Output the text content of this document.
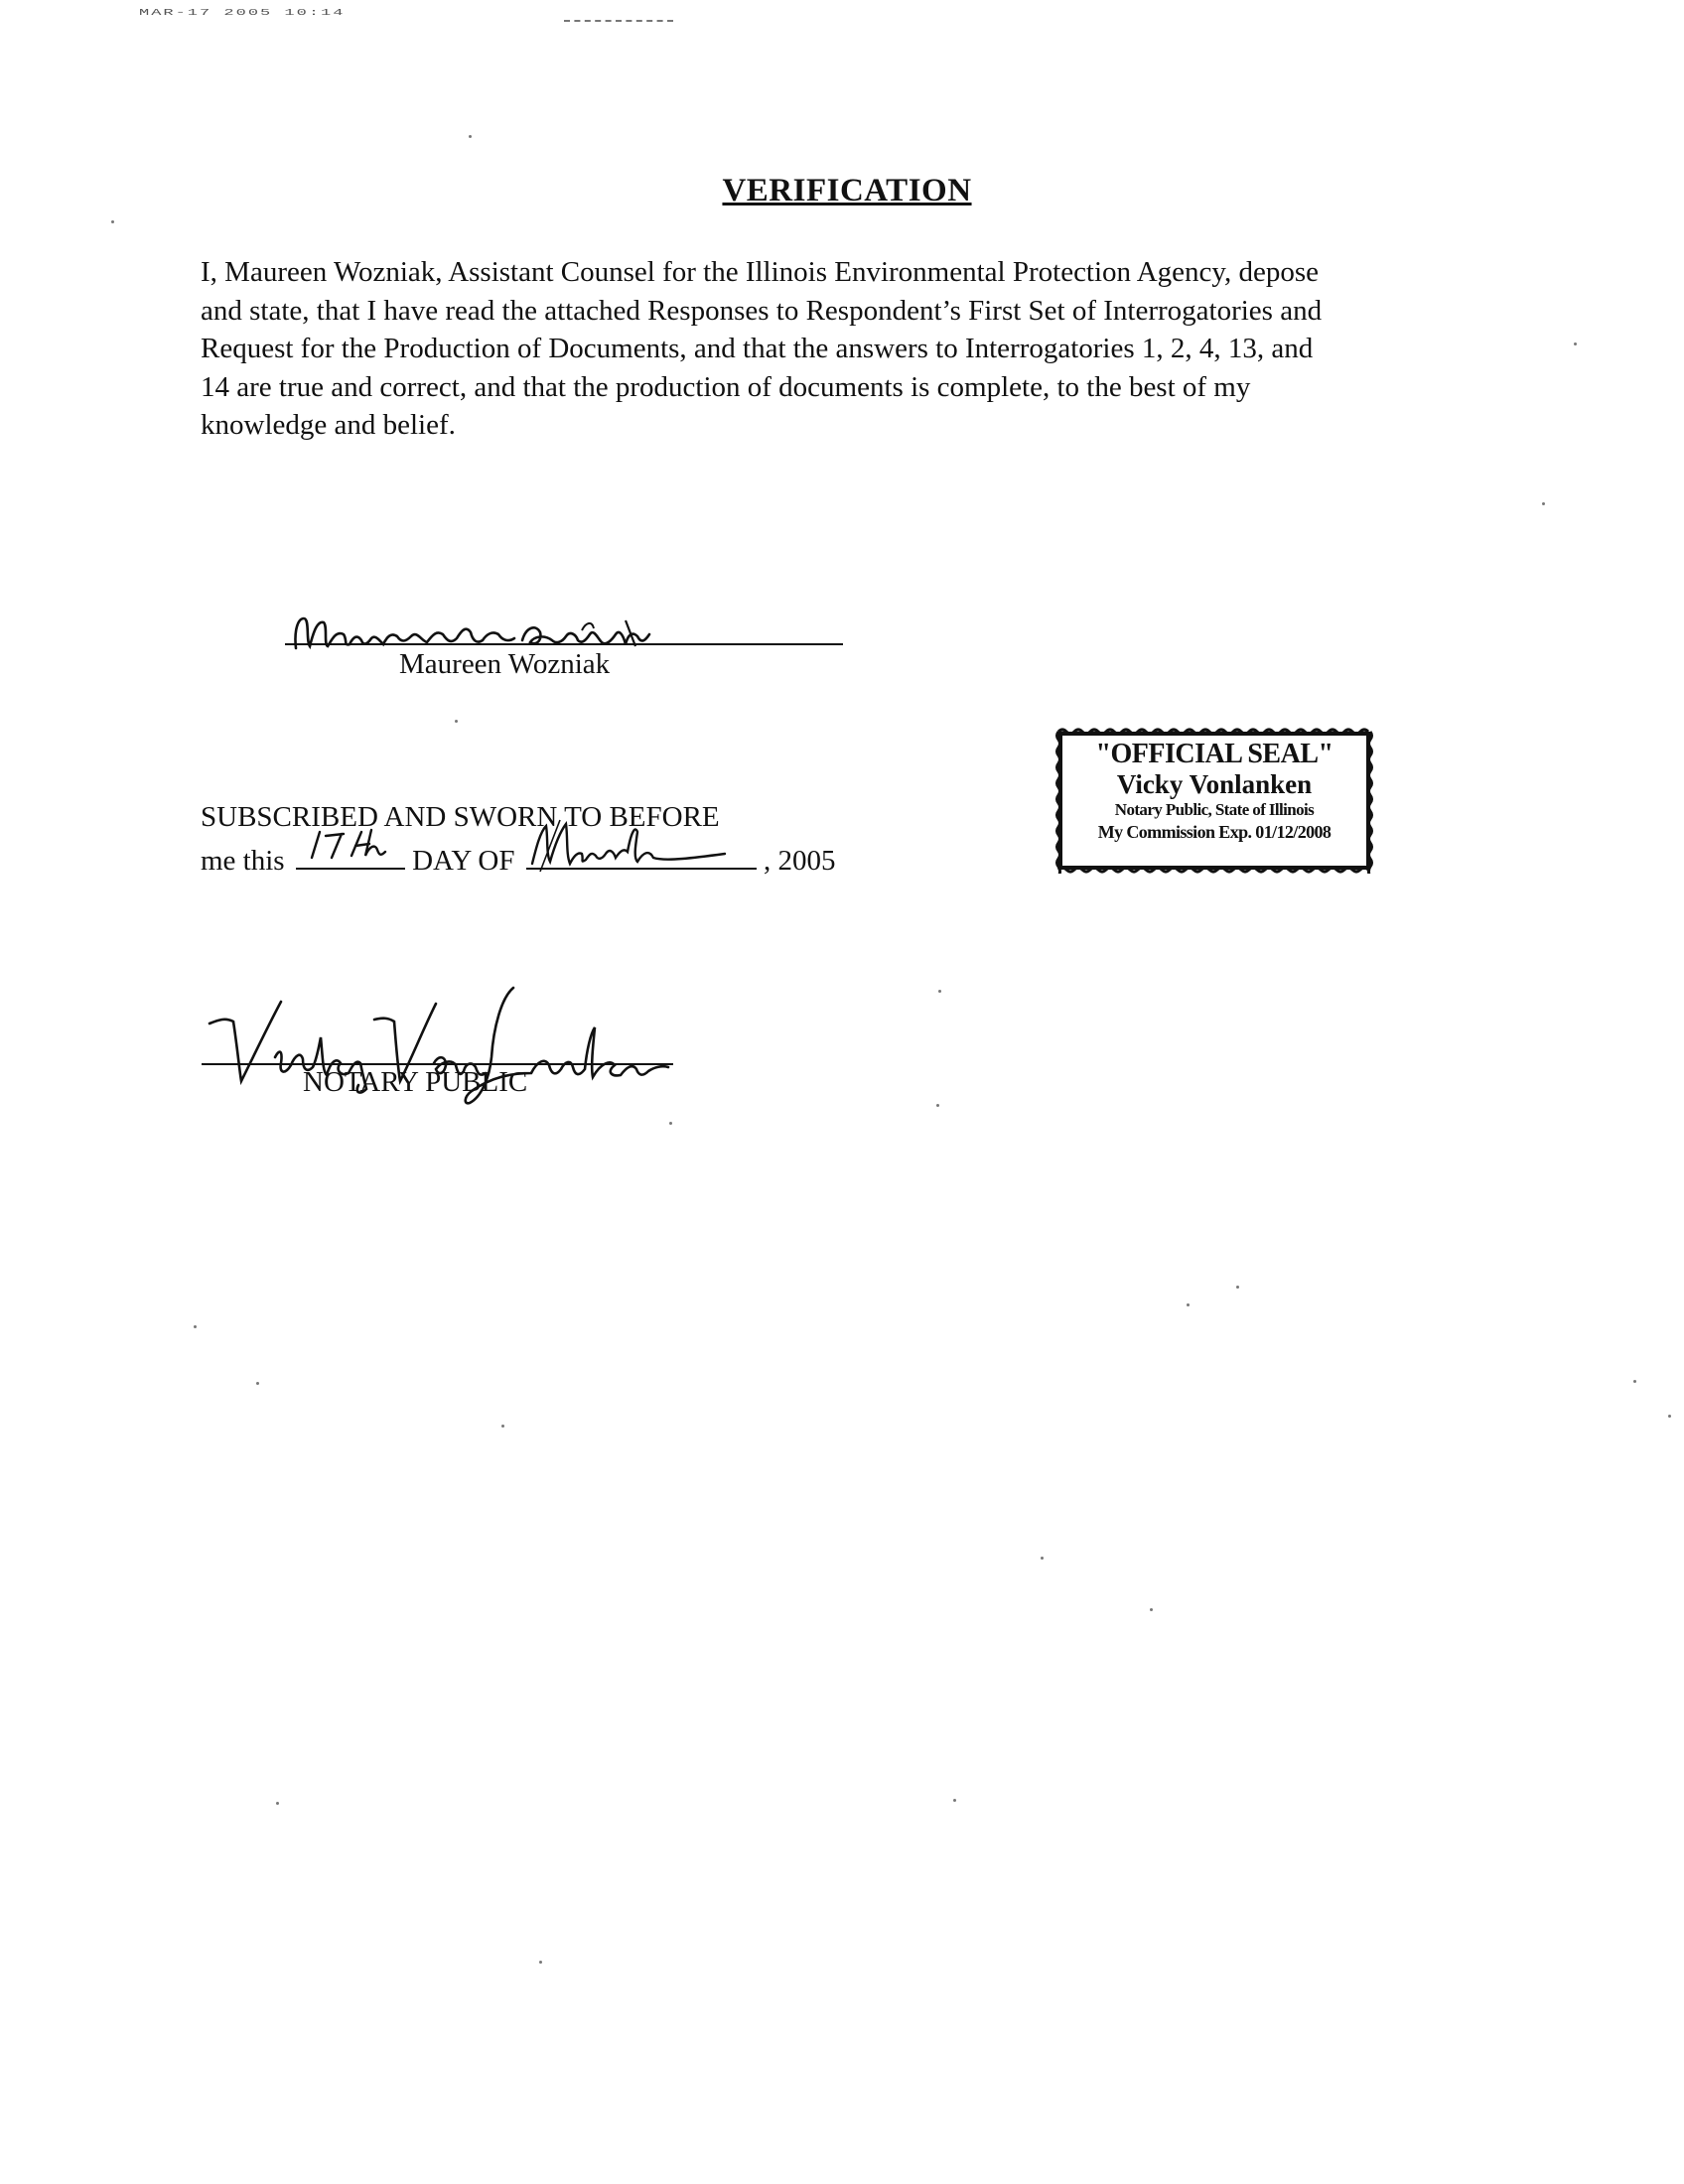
MAR-17 2005 10:14
VERIFICATION
I, Maureen Wozniak, Assistant Counsel for the Illinois Environmental Protection Agency, depose
and state, that I have read the attached Responses to Respondent’s First Set of Interrogatories and
Request for the Production of Documents, and that the answers to Interrogatories 1, 2, 4, 13, and
14 are true and correct, and that the production of documents is complete, to the best of my
knowledge and belief.
Maureen Wozniak
SUBSCRIBED AND SWORN TO BEFORE
me this	DAY OF	, 2005
"OFFICIAL SEAL"
Vicky Vonlanken
Notary Public, State of Illinois
My Commission Exp. 01/12/2008
NOTARY PUBLIC
